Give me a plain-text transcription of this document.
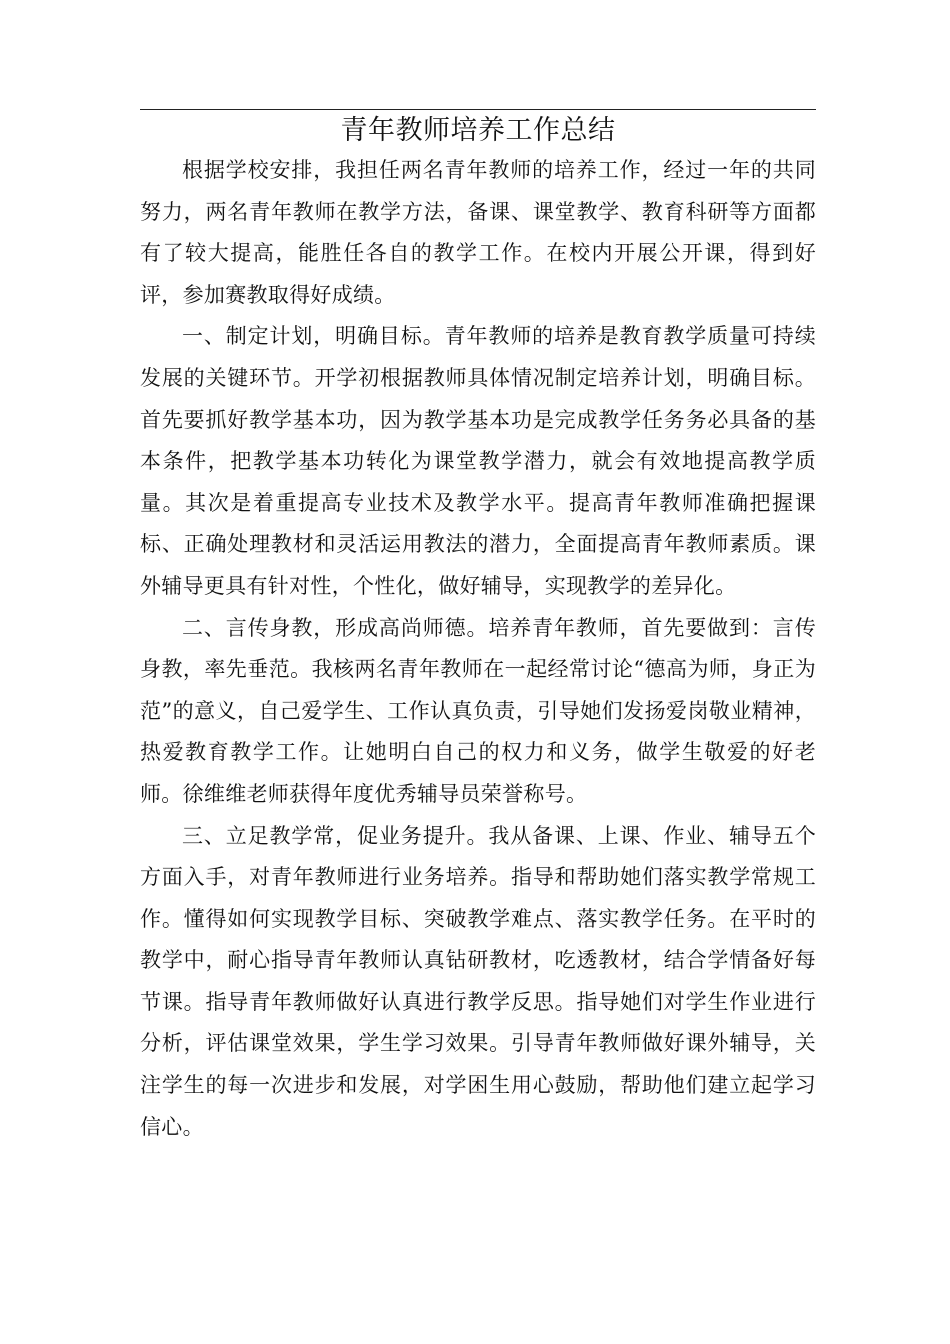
青年教师培养工作总结

根据学校安排，我担任两名青年教师的培养工作，经过一年的共同努力，两名青年教师在教学方法，备课、课堂教学、教育科研等方面都有了较大提高，能胜任各自的教学工作。在校内开展公开课，得到好评，参加赛教取得好成绩。

一、制定计划，明确目标。青年教师的培养是教育教学质量可持续发展的关键环节。开学初根据教师具体情况制定培养计划，明确目标。首先要抓好教学基本功，因为教学基本功是完成教学任务务必具备的基本条件，把教学基本功转化为课堂教学潜力，就会有效地提高教学质量。其次是着重提高专业技术及教学水平。提高青年教师准确把握课标、正确处理教材和灵活运用教法的潜力，全面提高青年教师素质。课外辅导更具有针对性，个性化，做好辅导，实现教学的差异化。

二、言传身教，形成高尚师德。培养青年教师，首先要做到：言传身教，率先垂范。我核两名青年教师在一起经常讨论“德高为师，身正为范”的意义，自己爱学生、工作认真负责，引导她们发扬爱岗敬业精神，热爱教育教学工作。让她明白自己的权力和义务，做学生敬爱的好老师。徐维维老师获得年度优秀辅导员荣誉称号。

三、立足教学常，促业务提升。我从备课、上课、作业、辅导五个方面入手，对青年教师进行业务培养。指导和帮助她们落实教学常规工作。懂得如何实现教学目标、突破教学难点、落实教学任务。在平时的教学中，耐心指导青年教师认真钻研教材，吃透教材，结合学情备好每节课。指导青年教师做好认真进行教学反思。指导她们对学生作业进行分析，评估课堂效果，学生学习效果。引导青年教师做好课外辅导，关注学生的每一次进步和发展，对学困生用心鼓励，帮助他们建立起学习信心。
